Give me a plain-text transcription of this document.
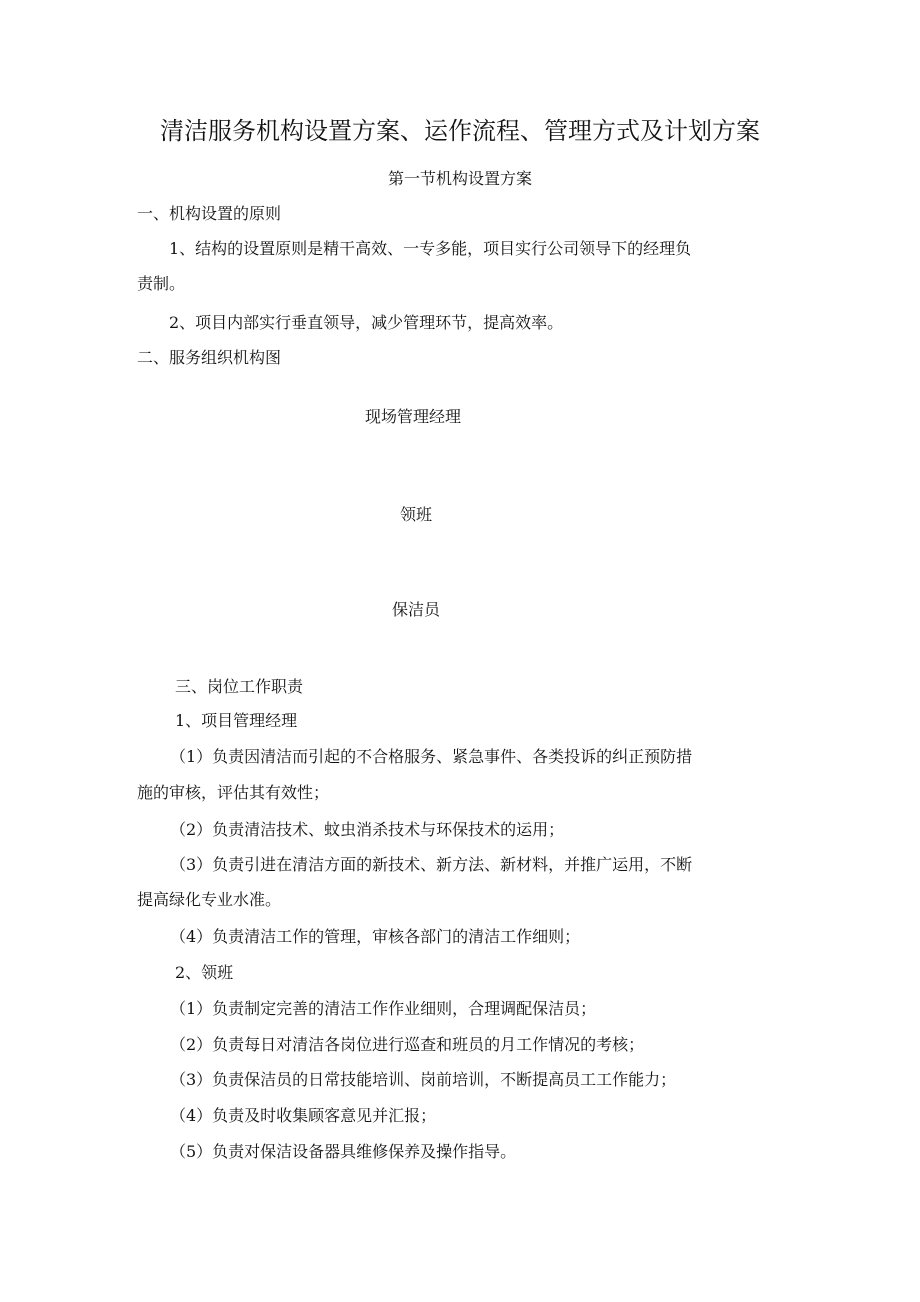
清洁服务机构设置方案、运作流程、管理方式及计划方案
第一节机构设置方案
一、机构设置的原则
1、结构的设置原则是精干高效、一专多能，项目实行公司领导下的经理负
责制。
2、项目内部实行垂直领导，减少管理环节，提高效率。
二、服务组织机构图
现场管理经理
领班
保洁员
三、岗位工作职责
1、项目管理经理
（1）负责因清洁而引起的不合格服务、紧急事件、各类投诉的纠正预防措
施的审核，评估其有效性；
（2）负责清洁技术、蚊虫消杀技术与环保技术的运用；
（3）负责引进在清洁方面的新技术、新方法、新材料，并推广运用，不断
提高绿化专业水准。
（4）负责清洁工作的管理，审核各部门的清洁工作细则；
2、领班
（1）负责制定完善的清洁工作作业细则，合理调配保洁员；
（2）负责每日对清洁各岗位进行巡查和班员的月工作情况的考核；
（3）负责保洁员的日常技能培训、岗前培训，不断提高员工工作能力；
（4）负责及时收集顾客意见并汇报；
（5）负责对保洁设备器具维修保养及操作指导。
